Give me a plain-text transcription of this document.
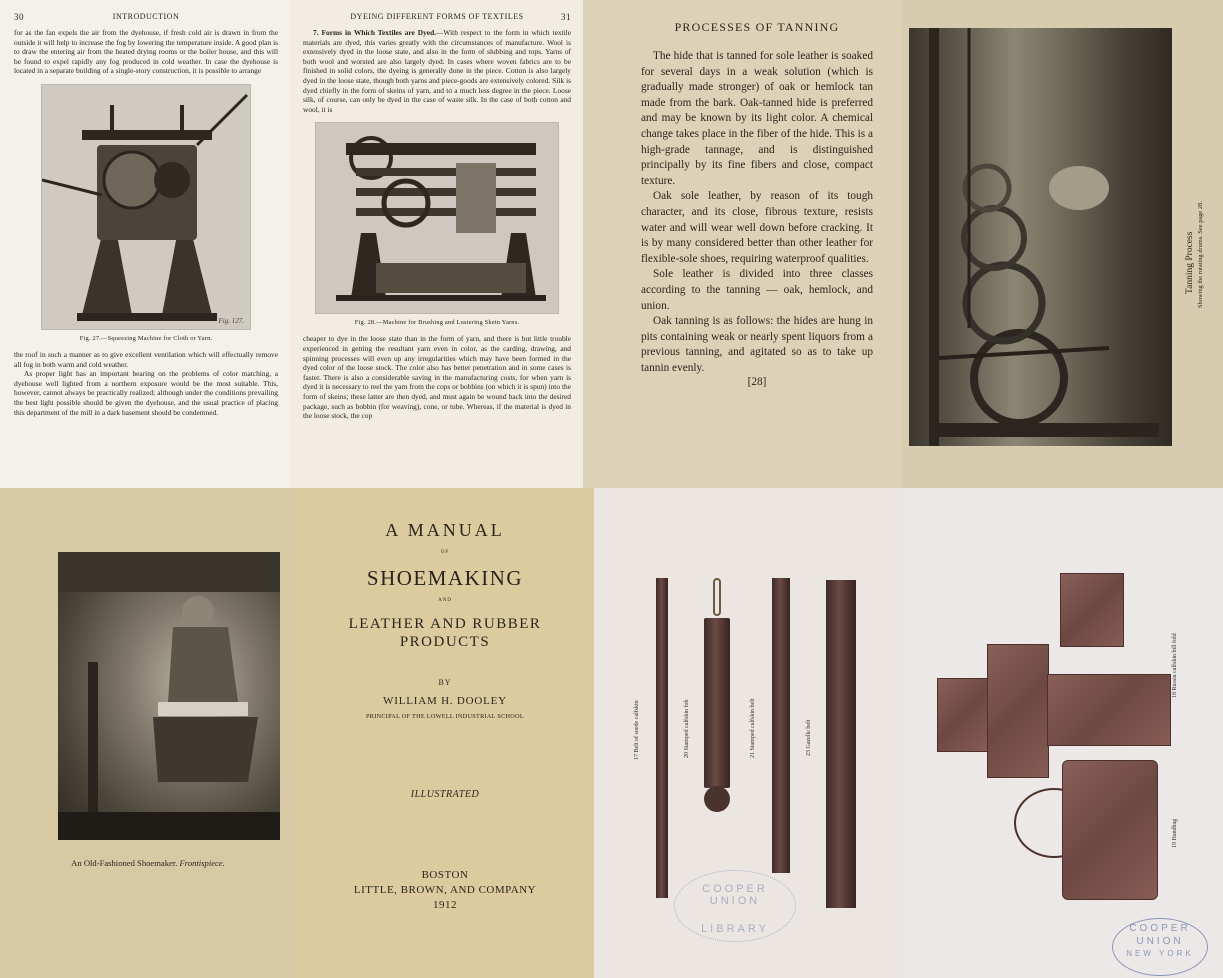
30	INTRODUCTION

for as the fan expels the air from the dyehouse, if fresh cold air is drawn in from the outside it will help to increase the fog by lowering the temperature inside. A good plan is to draw the entering air from the heated drying rooms or the boiler house, and this will be found to expel rapidly any fog produced in cold weather. In case the dyehouse is located in a separate building of a single-story construction, it is possible to arrange

Fig. 127.
Fig. 27.—Squeezing Machine for Cloth or Yarn.

the roof in such a manner as to give excellent ventilation which will effectually remove all fog in both warm and cold weather.

As proper light has an important bearing on the problems of color matching, a dyehouse well lighted from a northern exposure would be the most suitable. This, however, cannot always be practically realized; although under the conditions prevailing the best light possible should be given the dyehouse, and the usual practice of placing this department of the mill in a dark basement should be condemned.

DYEING DIFFERENT FORMS OF TEXTILES	31

7. Forms in Which Textiles are Dyed.—With respect to the form in which textile materials are dyed, this varies greatly with the circumstances of manufacture. Wool is extensively dyed in the loose state, and also in the form of slubbing and tops. Yarns of both wool and worsted are also largely dyed. In cases where woven fabrics are to be finished in solid colors, the dyeing is generally done in the piece. Cotton is also largely dyed in the loose state, though both yarns and piece-goods are extensively colored. Silk is dyed chiefly in the form of skeins of yarn, and to a much less degree in the piece. Loose silk, of course, can only be dyed in the case of waste silk. In the case of both cotton and wool, it is

Fig. 28.—Machine for Brushing and Lustering Skein Yarns.

cheaper to dye in the loose state than in the form of yarn, and there is but little trouble experienced in getting the resultant yarn even in color, as the carding, drawing, and spinning processes will even up any irregularities which may have been formed in the dyed color of the loose stock. The color also has better penetration and in some cases is faster. There is also a considerable saving in the manufacturing costs, for when yarn is dyed it is necessary to reel the yarn from the cops or bobbins (on which it is spun) into the form of skeins; these latter are then dyed, and must again be wound back into the desired package, such as bobbin (for weaving), cone, or tube. Whereas, if the material is dyed in the loose stock, the cop

PROCESSES OF TANNING

The hide that is tanned for sole leather is soaked for several days in a weak solution (which is gradually made stronger) of oak or hemlock tan made from the bark. Oak-tanned hide is preferred and may be known by its light color. A chemical change takes place in the fiber of the hide. This is a high-grade tannage, and is distinguished principally by its fine fibers and close, compact texture.

Oak sole leather, by reason of its tough character, and its close, fibrous texture, resists water and will wear well down before cracking. It is by many considered better than other leather for flexible-sole shoes, requiring waterproof qualities.

Sole leather is divided into three classes according to the tanning — oak, hemlock, and union.

Oak tanning is as follows: the hides are hung in pits containing weak or nearly spent liquors from a previous tanning, and agitated so as to take up tannin evenly.

[28]
Tanning Process Showing the rotating drums. See page 28.
An Old-Fashioned Shoemaker. Frontispiece.
A MANUAL
OF
SHOEMAKING
AND
LEATHER AND RUBBER
PRODUCTS
BY
WILLIAM H. DOOLEY
PRINCIPAL OF THE LOWELL INDUSTRIAL SCHOOL
ILLUSTRATED
BOSTON
LITTLE, BROWN, AND COMPANY
1912
17 Belt of suede calfskin	20 Stamped calfskin fob	21 Stamped calfskin belt	23 Gazelle belt
COOPER UNION
LIBRARY
18 Russia calfskin bill fold
19 Handbag
COOPER
UNION
NEW YORK
